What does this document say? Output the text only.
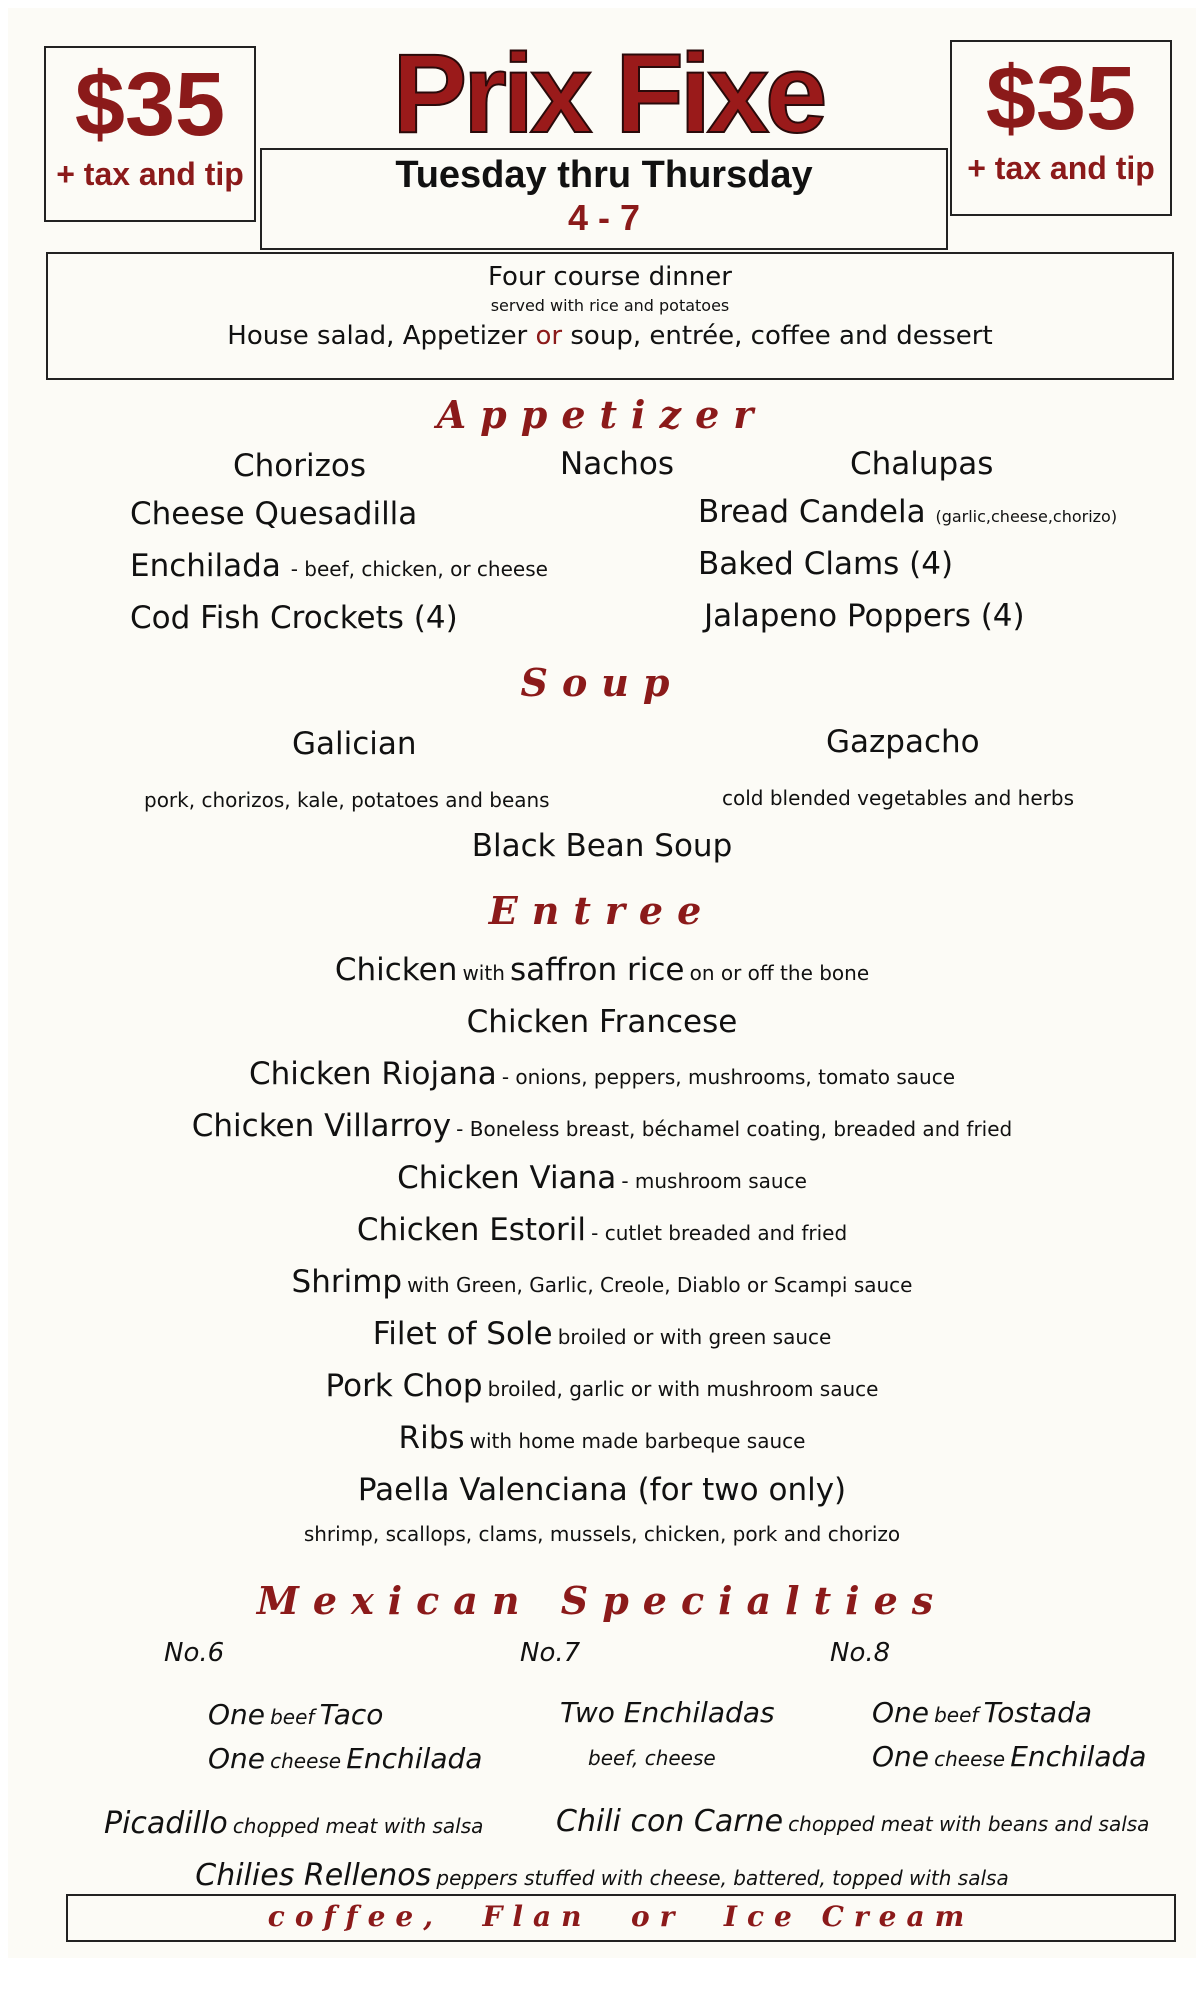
$35
+ tax and tip
$35
+ tax and tip
Prix Fixe
Tuesday thru Thursday
4 - 7
Four course dinner
served with rice and potatoes
House salad, Appetizer or soup, entrée, coffee and dessert
Appetizer
Chorizos	Nachos	Chalupas
Cheese Quesadilla	Bread Candela (garlic,cheese,chorizo)
Enchilada - beef, chicken, or cheese	Baked Clams (4)
Cod Fish Crockets (4)	Jalapeno Poppers (4)
Soup
Galician	Gazpacho
pork, chorizos, kale, potatoes and beans	cold blended vegetables and herbs
Black Bean Soup
Entree
Chicken with saffron rice on or off the bone
Chicken Francese
Chicken Riojana - onions, peppers, mushrooms, tomato sauce
Chicken Villarroy - Boneless breast, béchamel coating, breaded and fried
Chicken Viana - mushroom sauce
Chicken Estoril - cutlet breaded and fried
Shrimp with Green, Garlic, Creole, Diablo or Scampi sauce
Filet of Sole broiled or with green sauce
Pork Chop broiled, garlic or with mushroom sauce
Ribs with home made barbeque sauce
Paella Valenciana (for two only)
shrimp, scallops, clams, mussels, chicken, pork and chorizo
Mexican Specialties
No.6	No.7	No.8
One beef Taco
One cheese Enchilada
Two Enchiladas
beef, cheese
One beef Tostada
One cheese Enchilada
Picadillo chopped meat with salsa Chili con Carne chopped meat with beans and salsa
Chilies Rellenos peppers stuffed with cheese, battered, topped with salsa
coffee,  Flan  or  Ice Cream
